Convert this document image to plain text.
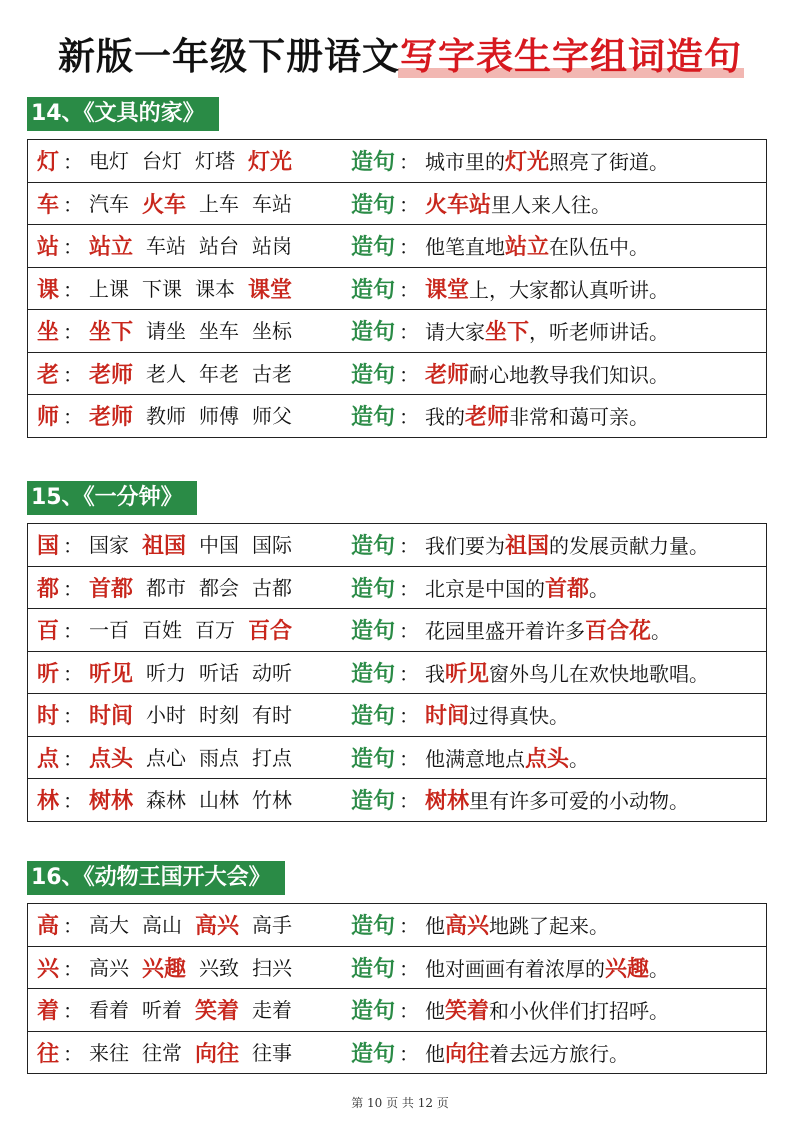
新版一年级下册语文写字表生字组词造句
14、《文具的家》
灯 ： 电灯 台灯 灯塔 灯光	造句 ： 城市里的灯光照亮了街道。
车 ： 汽车 火车 上车 车站	造句 ： 火车站里人来人往。
站 ： 站立 车站 站台 站岗	造句 ： 他笔直地站立在队伍中。
课 ： 上课 下课 课本 课堂	造句 ： 课堂上，大家都认真听讲。
坐 ： 坐下 请坐 坐车 坐标	造句 ： 请大家坐下，听老师讲话。
老 ： 老师 老人 年老 古老	造句 ： 老师耐心地教导我们知识。
师 ： 老师 教师 师傅 师父	造句 ： 我的老师非常和蔼可亲。
15、《一分钟》
国 ： 国家 祖国 中国 国际	造句 ： 我们要为祖国的发展贡献力量。
都 ： 首都 都市 都会 古都	造句 ： 北京是中国的首都。
百 ： 一百 百姓 百万 百合	造句 ： 花园里盛开着许多百合花。
听 ： 听见 听力 听话 动听	造句 ： 我听见窗外鸟儿在欢快地歌唱。
时 ： 时间 小时 时刻 有时	造句 ： 时间过得真快。
点 ： 点头 点心 雨点 打点	造句 ： 他满意地点点头。
林 ： 树林 森林 山林 竹林	造句 ： 树林里有许多可爱的小动物。
16、《动物王国开大会》
高 ： 高大 高山 高兴 高手	造句 ： 他高兴地跳了起来。
兴 ： 高兴 兴趣 兴致 扫兴	造句 ： 他对画画有着浓厚的兴趣。
着 ： 看着 听着 笑着 走着	造句 ： 他笑着和小伙伴们打招呼。
往 ： 来往 往常 向往 往事	造句 ： 他向往着去远方旅行。
第 10 页 共 12 页
